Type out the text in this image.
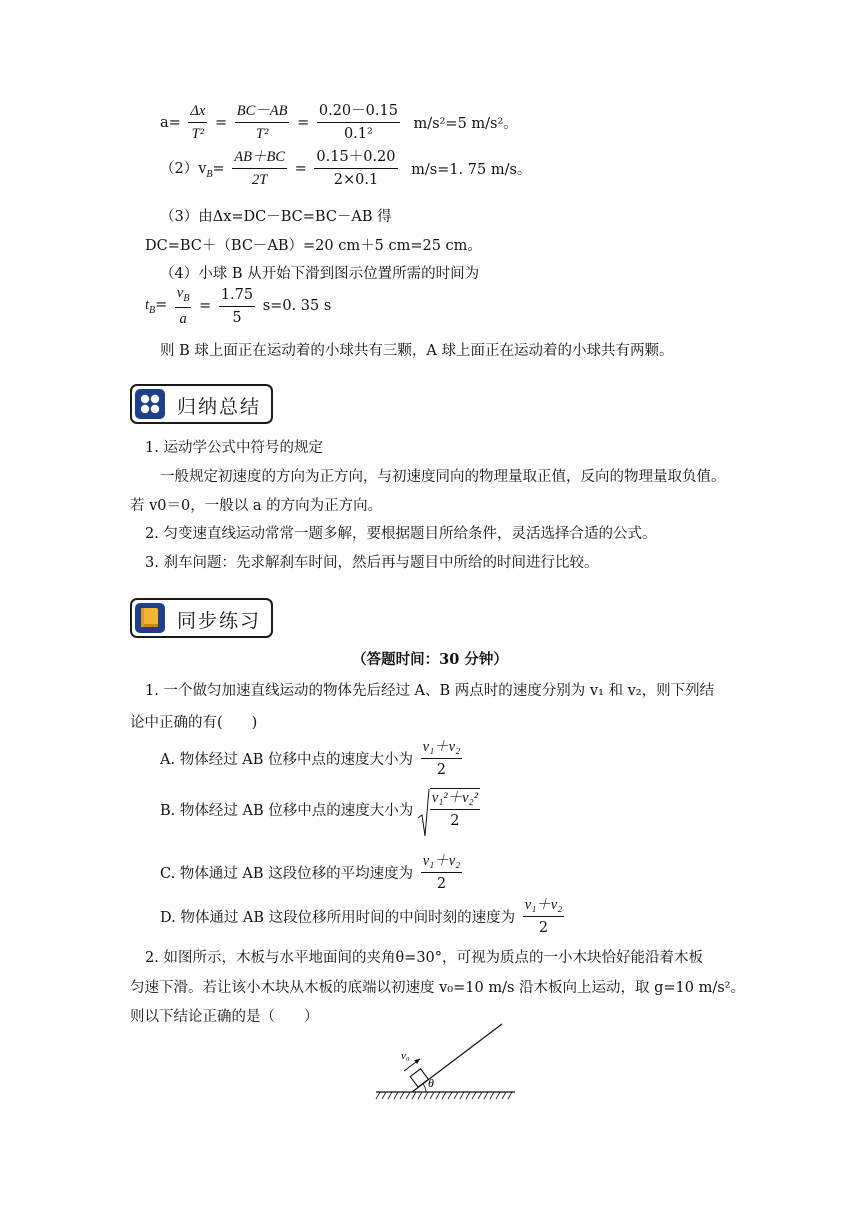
$a= \frac{\Delta x}{\text{T²}} = \frac{BC-AB}{\text{T²}} = \frac{0.20-0.15}{\text{0.1²}} m/s^2=5$ m/s²。
$(2)v_B= \frac{AB+BC}{2T} = \frac{0.15+0.20}{2\times 0.1} m/s=1$. 75 m/s。
（3）由Δx=DC－BC=BC－AB 得
DC=BC＋（BC－AB）=20 cm＋5 cm=25 cm。
（4）小球 B 从开始下滑到图示位置所需的时间为
$t_B= \frac{v_B}{a} = \frac{1.75}{5} s=0$. 35 s
则 B 球上面正在运动着的小球共有三颗，A 球上面正在运动着的小球共有两颗。
归纳总结
1. 运动学公式中符号的规定
一般规定初速度的方向为正方向，与初速度同向的物理量取正值，反向的物理量取负值。
若 v0＝0，一般以 a 的方向为正方向。
2. 匀变速直线运动常常一题多解，要根据题目所给条件，灵活选择合适的公式。
3. 刹车问题：先求解刹车时间，然后再与题目中所给的时间进行比较。
同步练习
（答题时间：30 分钟）
1. 一个做匀加速直线运动的物体先后经过 A、B 两点时的速度分别为 v₁ 和 v₂，则下列结
论中正确的有(　　)
A. 物体经过 AB 位移中点的速度大小为 $\frac{\text{v₁＋v₂}}{2}$
B. 物体经过 AB 位移中点的速度大小为 $\frac{\text{v₁²＋v₂²}}{2}$
C. 物体通过 AB 这段位移的平均速度为 $\frac{\text{v₁＋v₂}}{2}$
D. 物体通过 AB 这段位移所用时间的中间时刻的速度为 $\frac{\text{v₁＋v₂}}{2}$
2. 如图所示，木板与水平地面间的夹角θ=30°，可视为质点的一小木块恰好能沿着木板
匀速下滑。若让该小木块从木板的底端以初速度 v₀=10 m/s 沿木板向上运动，取 g=10 m/s²。
则以下结论正确的是（　　）
v₀
θ
